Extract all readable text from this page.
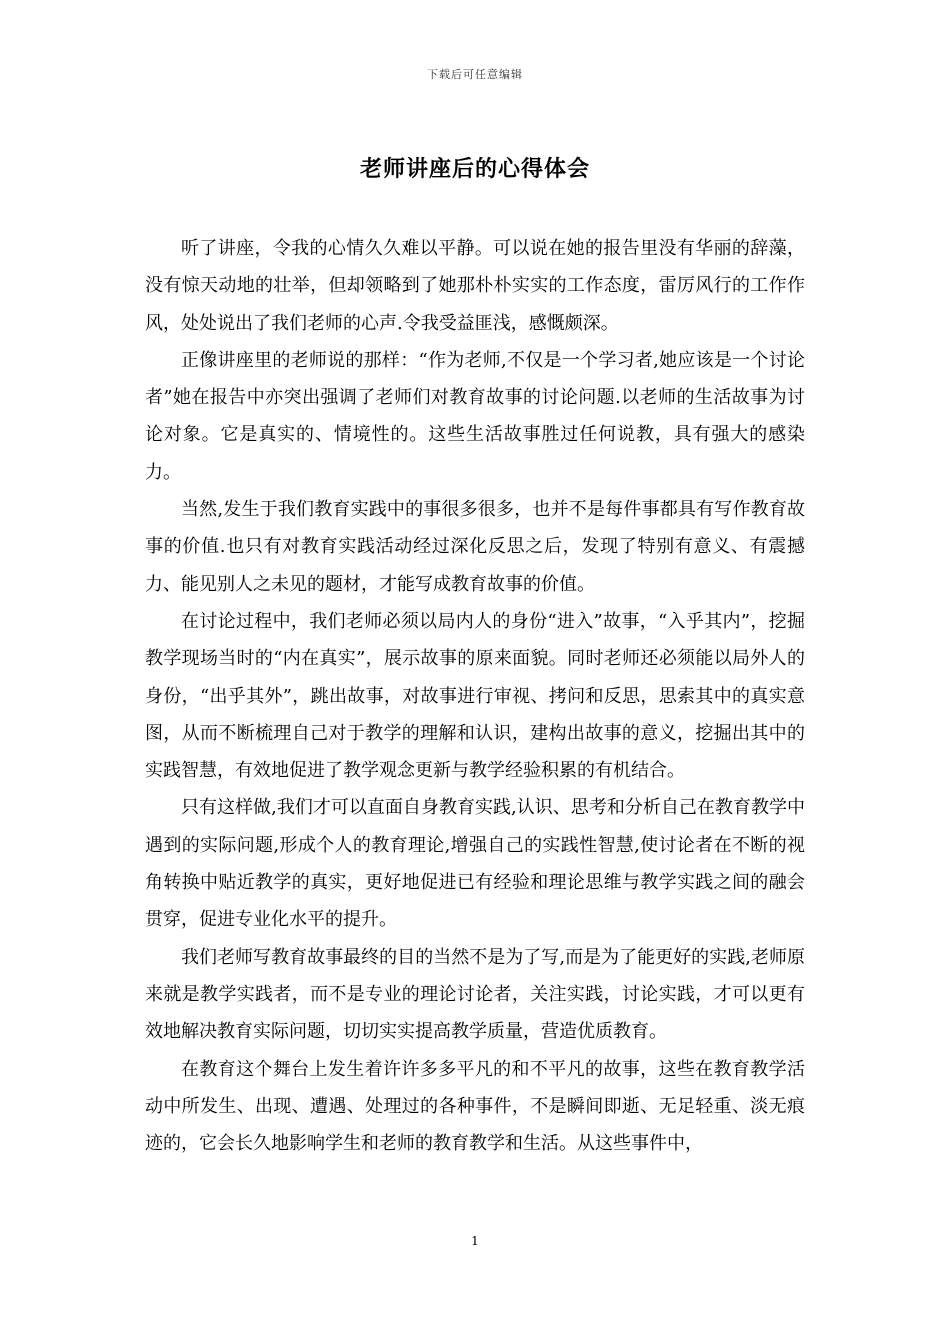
下载后可任意编辑
老师讲座后的心得体会

听了讲座，令我的心情久久难以平静。可以说在她的报告里没有华丽的辞藻，没有惊天动地的壮举，但却领略到了她那朴朴实实的工作态度，雷厉风行的工作作风，处处说出了我们老师的心声.令我受益匪浅，感慨颇深。

正像讲座里的老师说的那样：“作为老师,不仅是一个学习者,她应该是一个讨论者”她在报告中亦突出强调了老师们对教育故事的讨论问题.以老师的生活故事为讨论对象。它是真实的、情境性的。这些生活故事胜过任何说教，具有强大的感染力。

当然,发生于我们教育实践中的事很多很多，也并不是每件事都具有写作教育故事的价值.也只有对教育实践活动经过深化反思之后，发现了特别有意义、有震撼力、能见别人之未见的题材，才能写成教育故事的价值。

在讨论过程中，我们老师必须以局内人的身份“进入”故事，“入乎其内”，挖掘教学现场当时的“内在真实”，展示故事的原来面貌。同时老师还必须能以局外人的身份，“出乎其外”，跳出故事，对故事进行审视、拷问和反思，思索其中的真实意图，从而不断梳理自己对于教学的理解和认识，建构出故事的意义，挖掘出其中的实践智慧，有效地促进了教学观念更新与教学经验积累的有机结合。

只有这样做,我们才可以直面自身教育实践,认识、思考和分析自己在教育教学中遇到的实际问题,形成个人的教育理论,增强自己的实践性智慧,使讨论者在不断的视角转换中贴近教学的真实，更好地促进已有经验和理论思维与教学实践之间的融会贯穿，促进专业化水平的提升。

我们老师写教育故事最终的目的当然不是为了写,而是为了能更好的实践,老师原来就是教学实践者，而不是专业的理论讨论者，关注实践，讨论实践，才可以更有效地解决教育实际问题，切切实实提高教学质量，营造优质教育。

在教育这个舞台上发生着许许多多平凡的和不平凡的故事，这些在教育教学活动中所发生、出现、遭遇、处理过的各种事件，不是瞬间即逝、无足轻重、淡无痕迹的，它会长久地影响学生和老师的教育教学和生活。从这些事件中，

1
